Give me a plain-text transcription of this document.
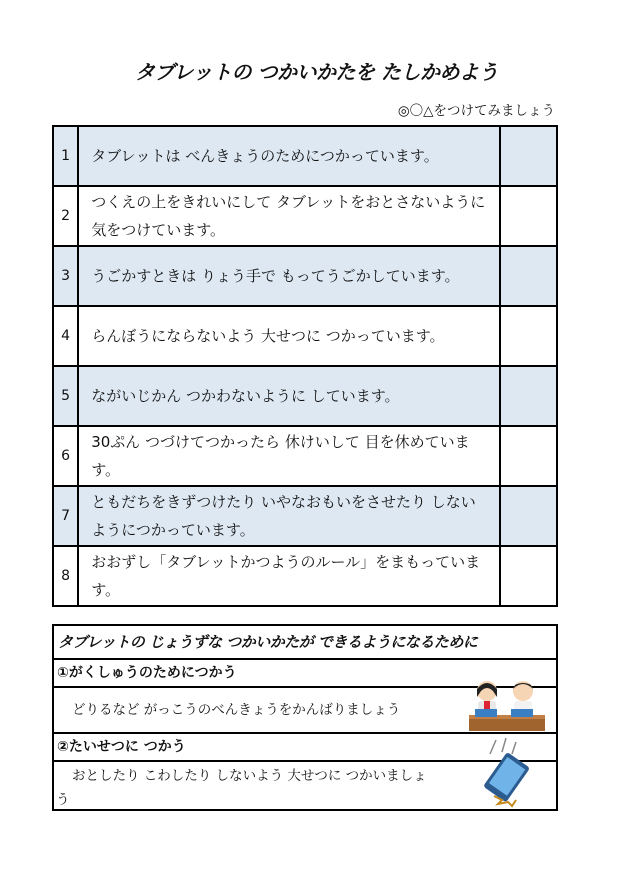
タブレットの つかいかたを たしかめよう
◎〇△をつけてみましょう
1	タブレットは べんきょうのためにつかっています。	
2	つくえの上をきれいにして タブレットをおとさないように 気をつけています。	
3	うごかすときは りょう手で もってうごかしています。	
4	らんぼうにならないよう 大せつに つかっています。	
5	ながいじかん つかわないように しています。	
6	30ぷん つづけてつかったら 休けいして 目を休めています。	
7	ともだちをきずつけたり いやなおもいをさせたり しないようにつかっています。	
8	おおずし「タブレットかつようのルール」をまもっています。	
タブレットの じょうずな つかいかたが できるようになるために
①がくしゅうのためにつかう
どりるなど がっこうのべんきょうをかんばりましょう
②たいせつに つかう
おとしたり こわしたり しないよう 大せつに つかいましょう
